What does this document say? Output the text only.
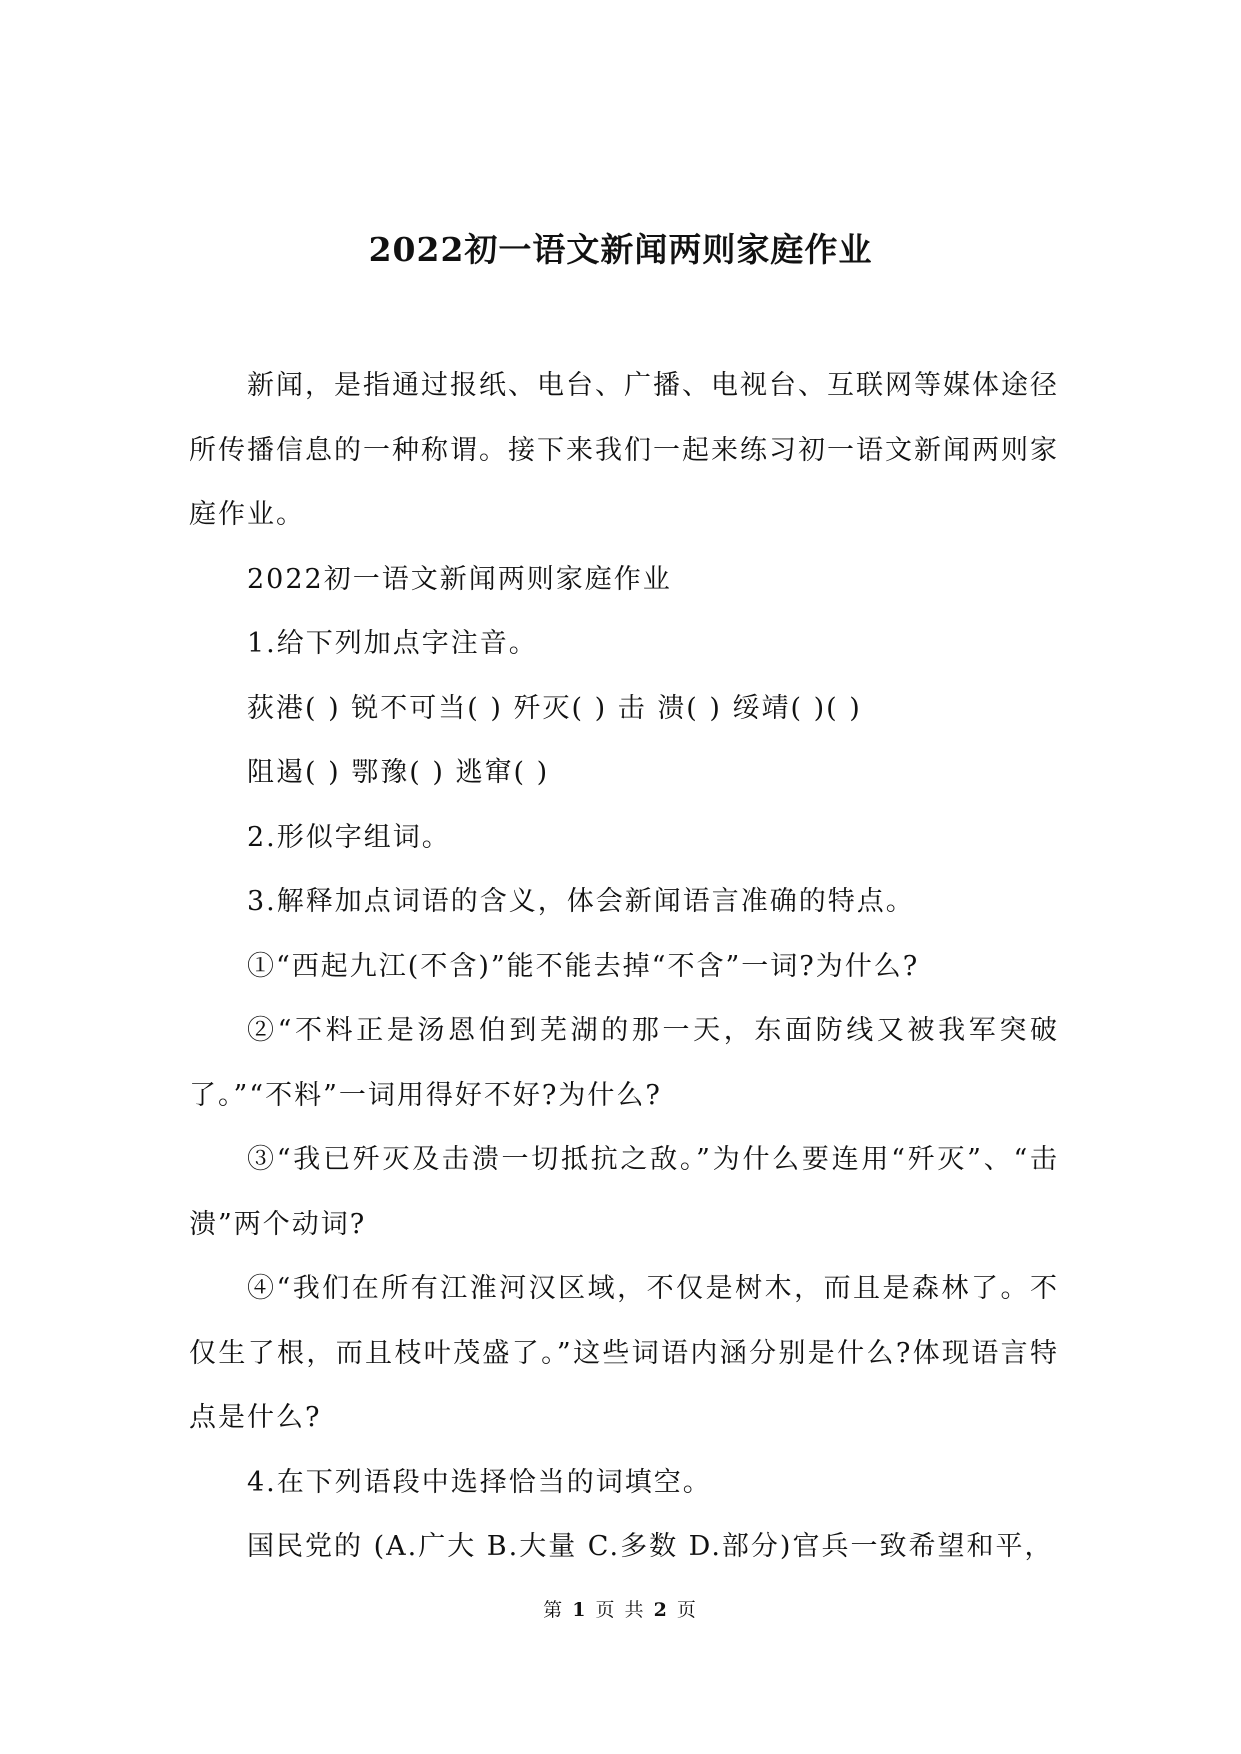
2022初一语文新闻两则家庭作业

新闻，是指通过报纸、电台、广播、电视台、互联网等媒体途径所传播信息的一种称谓。接下来我们一起来练习初一语文新闻两则家庭作业。

2022初一语文新闻两则家庭作业

1.给下列加点字注音。

荻港( ) 锐不可当( ) 歼灭( ) 击 溃( ) 绥靖( )( )

阻遏( ) 鄂豫( ) 逃窜( )

2.形似字组词。

3.解释加点词语的含义，体会新闻语言准确的特点。

①“西起九江(不含)”能不能去掉“不含”一词?为什么?

②“不料正是汤恩伯到芜湖的那一天，东面防线又被我军突破了。”“不料”一词用得好不好?为什么?

③“我已歼灭及击溃一切抵抗之敌。”为什么要连用“歼灭”、“击溃”两个动词?

④“我们在所有江淮河汉区域，不仅是树木，而且是森林了。不仅生了根，而且枝叶茂盛了。”这些词语内涵分别是什么?体现语言特点是什么?

4.在下列语段中选择恰当的词填空。

国民党的 (A.广大 B.大量 C.多数 D.部分)官兵一致希望和平，

第 1 页 共 2 页
